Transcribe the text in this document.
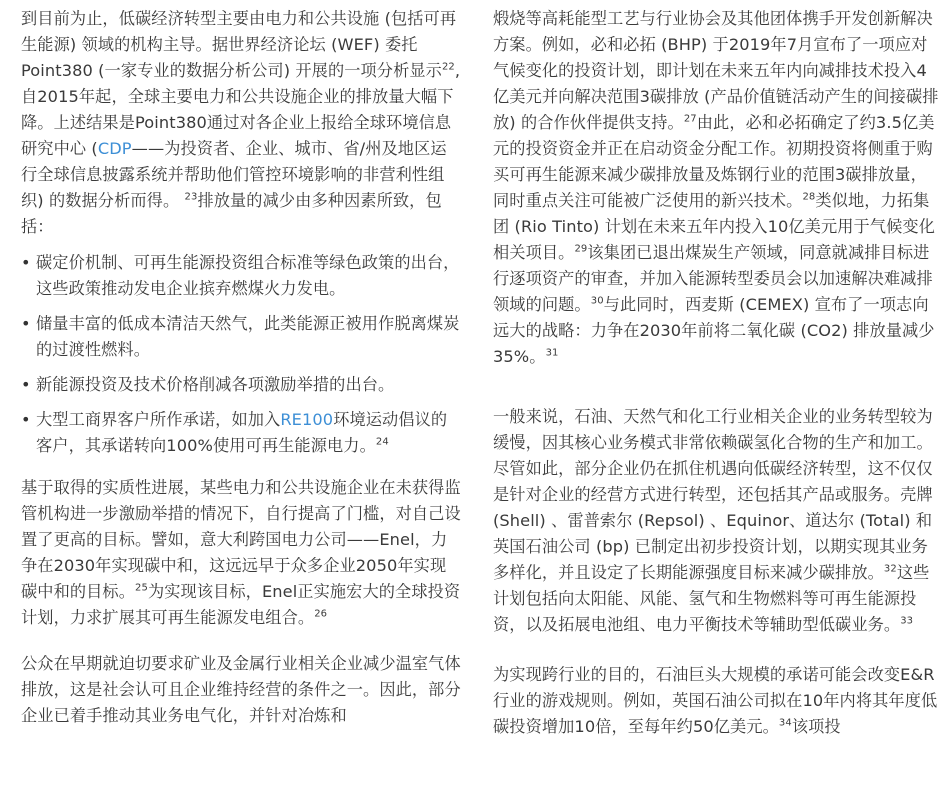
到目前为止，低碳经济转型主要由电力和公共设施 (包括可再生能源) 领域的机构主导。据世界经济论坛 (WEF) 委托Point380 (一家专业的数据分析公司) 开展的一项分析显示$^{22}$, 自2015年起，全球主要电力和公共设施企业的排放量大幅下降。上述结果是Point380通过对各企业上报给全球环境信息研究中心 (CDP——为投资者、企业、城市、省/州及地区运行全球信息披露系统并帮助他们管控环境影响的非营利性组织) 的数据分析而得。 $^{23}$排放量的减少由多种因素所致，包括：

• 碳定价机制、可再生能源投资组合标准等绿色政策的出台，这些政策推动发电企业摈弃燃煤火力发电。
• 储量丰富的低成本清洁天然气，此类能源正被用作脱离煤炭的过渡性燃料。
• 新能源投资及技术价格削减各项激励举措的出台。
• 大型工商界客户所作承诺，如加入RE100环境运动倡议的客户，其承诺转向100%使用可再生能源电力。$^{24}$

基于取得的实质性进展，某些电力和公共设施企业在未获得监管机构进一步激励举措的情况下，自行提高了门槛，对自己设置了更高的目标。譬如，意大利跨国电力公司——Enel，力争在2030年实现碳中和，这远远早于众多企业2050年实现碳中和的目标。$^{25}$为实现该目标，Enel正实施宏大的全球投资计划，力求扩展其可再生能源发电组合。$^{26}$

公众在早期就迫切要求矿业及金属行业相关企业减少温室气体排放，这是社会认可且企业维持经营的条件之一。因此，部分企业已着手推动其业务电气化，并针对冶炼和

煅烧等高耗能型工艺与行业协会及其他团体携手开发创新解决方案。例如，必和必拓 (BHP) 于2019年7月宣布了一项应对气候变化的投资计划，即计划在未来五年内向减排技术投入4亿美元并向解决范围3碳排放 (产品价值链活动产生的间接碳排放) 的合作伙伴提供支持。$^{27}$由此，必和必拓确定了约3.5亿美元的投资资金并正在启动资金分配工作。初期投资将侧重于购买可再生能源来减少碳排放量及炼钢行业的范围3碳排放量，同时重点关注可能被广泛使用的新兴技术。$^{28}$类似地，力拓集团 (Rio Tinto) 计划在未来五年内投入10亿美元用于气候变化相关项目。$^{29}$该集团已退出煤炭生产领域，同意就减排目标进行逐项资产的审查，并加入能源转型委员会以加速解决难减排领域的问题。$^{30}$与此同时，西麦斯 (CEMEX) 宣布了一项志向远大的战略：力争在2030年前将二氧化碳 (CO2) 排放量减少35%。$^{31}$

一般来说，石油、天然气和化工行业相关企业的业务转型较为缓慢，因其核心业务模式非常依赖碳氢化合物的生产和加工。尽管如此，部分企业仍在抓住机遇向低碳经济转型，这不仅仅是针对企业的经营方式进行转型，还包括其产品或服务。壳牌 (Shell) 、雷普索尔 (Repsol) 、Equinor、道达尔 (Total) 和英国石油公司 (bp) 已制定出初步投资计划，以期实现其业务多样化，并且设定了长期能源强度目标来减少碳排放。$^{32}$这些计划包括向太阳能、风能、氢气和生物燃料等可再生能源投资，以及拓展电池组、电力平衡技术等辅助型低碳业务。$^{33}$

为实现跨行业的目的，石油巨头大规模的承诺可能会改变E&R行业的游戏规则。例如，英国石油公司拟在10年内将其年度低碳投资增加10倍，至每年约50亿美元。$^{34}$该项投
